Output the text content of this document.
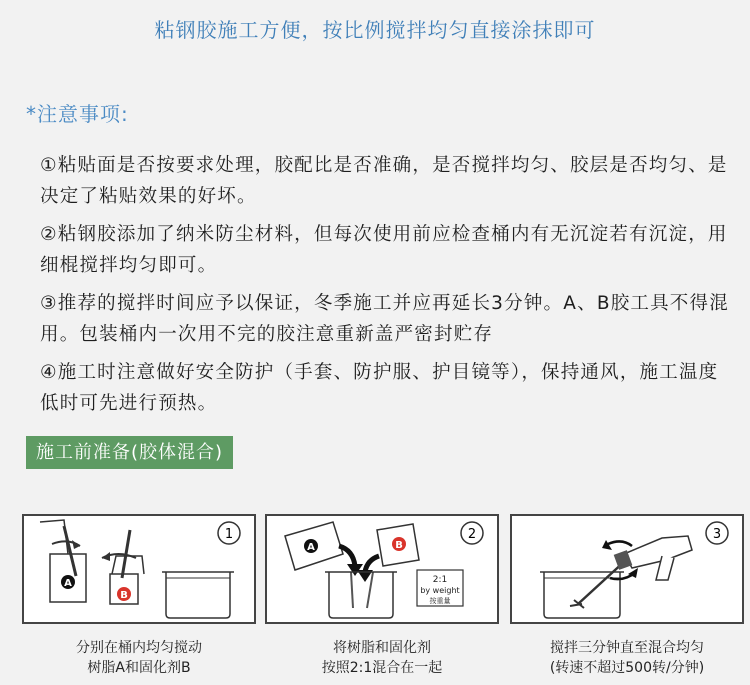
粘钢胶施工方便，按比例搅拌均匀直接涂抹即可
*注意事项:
①粘贴面是否按要求处理，胶配比是否准确，是否搅拌均匀、胶层是否均匀、是决定了粘贴效果的好坏。
②粘钢胶添加了纳米防尘材料，但每次使用前应检查桶内有无沉淀若有沉淀，用细棍搅拌均匀即可。
③推荐的搅拌时间应予以保证，冬季施工并应再延长3分钟。A、B胶工具不得混用。包装桶内一次用不完的胶注意重新盖严密封贮存
④施工时注意做好安全防护（手套、防护服、护目镜等），保持通风，施工温度低时可先进行预热。
施工前准备(胶体混合)
1
A
B
2
A	B
2:1
by weight
按重量
3
分别在桶内均匀搅动
树脂A和固化剂B
将树脂和固化剂
按照2:1混合在一起
搅拌三分钟直至混合均匀
(转速不超过500转/分钟)
